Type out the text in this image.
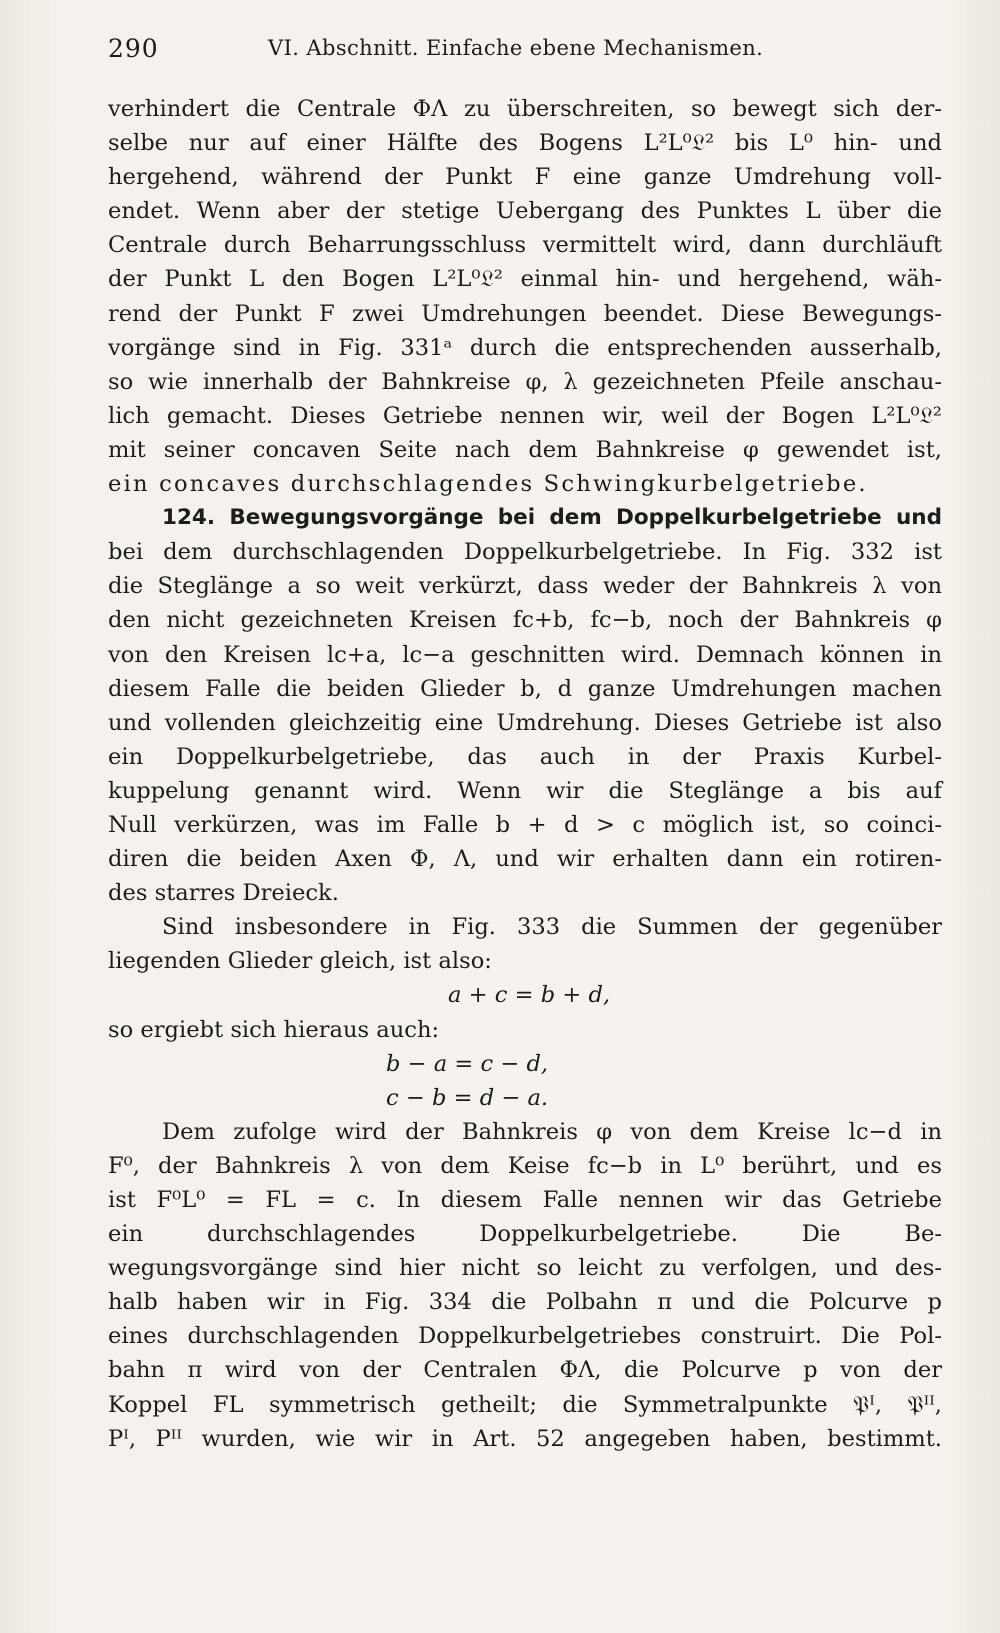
290	VI. Abschnitt. Einfache ebene Mechanismen.
verhindert die Centrale ΦΛ zu überschreiten, so bewegt sich der-
selbe nur auf einer Hälfte des Bogens L²L⁰𝔏² bis L⁰ hin- und
hergehend, während der Punkt F eine ganze Umdrehung voll-
endet. Wenn aber der stetige Uebergang des Punktes L über die
Centrale durch Beharrungsschluss vermittelt wird, dann durchläuft
der Punkt L den Bogen L²L⁰𝔏² einmal hin- und hergehend, wäh-
rend der Punkt F zwei Umdrehungen beendet. Diese Bewegungs-
vorgänge sind in Fig. 331ᵃ durch die entsprechenden ausserhalb,
so wie innerhalb der Bahnkreise φ, λ gezeichneten Pfeile anschau-
lich gemacht. Dieses Getriebe nennen wir, weil der Bogen L²L⁰𝔏²
mit seiner concaven Seite nach dem Bahnkreise φ gewendet ist,
ein concaves durchschlagendes Schwingkurbelgetriebe.
124. Bewegungsvorgänge bei dem Doppelkurbelgetriebe und
bei dem durchschlagenden Doppelkurbelgetriebe. In Fig. 332 ist
die Steglänge a so weit verkürzt, dass weder der Bahnkreis λ von
den nicht gezeichneten Kreisen fc+b, fc−b, noch der Bahnkreis φ
von den Kreisen lc+a, lc−a geschnitten wird. Demnach können in
diesem Falle die beiden Glieder b, d ganze Umdrehungen machen
und vollenden gleichzeitig eine Umdrehung. Dieses Getriebe ist also
ein Doppelkurbelgetriebe, das auch in der Praxis Kurbel-
kuppelung genannt wird. Wenn wir die Steglänge a bis auf
Null verkürzen, was im Falle b + d > c möglich ist, so coinci-
diren die beiden Axen Φ, Λ, und wir erhalten dann ein rotiren-
des starres Dreieck.
Sind insbesondere in Fig. 333 die Summen der gegenüber
liegenden Glieder gleich, ist also:
a + c = b + d,
so ergiebt sich hieraus auch:
b − a = c − d,
c − b = d − a.
Dem zufolge wird der Bahnkreis φ von dem Kreise lc−d in
F⁰, der Bahnkreis λ von dem Keise fc−b in L⁰ berührt, und es
ist F⁰L⁰ = FL = c. In diesem Falle nennen wir das Getriebe
ein durchschlagendes Doppelkurbelgetriebe. Die Be-
wegungsvorgänge sind hier nicht so leicht zu verfolgen, und des-
halb haben wir in Fig. 334 die Polbahn π und die Polcurve p
eines durchschlagenden Doppelkurbelgetriebes construirt. Die Pol-
bahn π wird von der Centralen ΦΛ, die Polcurve p von der
Koppel FL symmetrisch getheilt; die Symmetralpunkte 𝔓ᴵ, 𝔓ᴵᴵ,
Pᴵ, Pᴵᴵ wurden, wie wir in Art. 52 angegeben haben, bestimmt.
